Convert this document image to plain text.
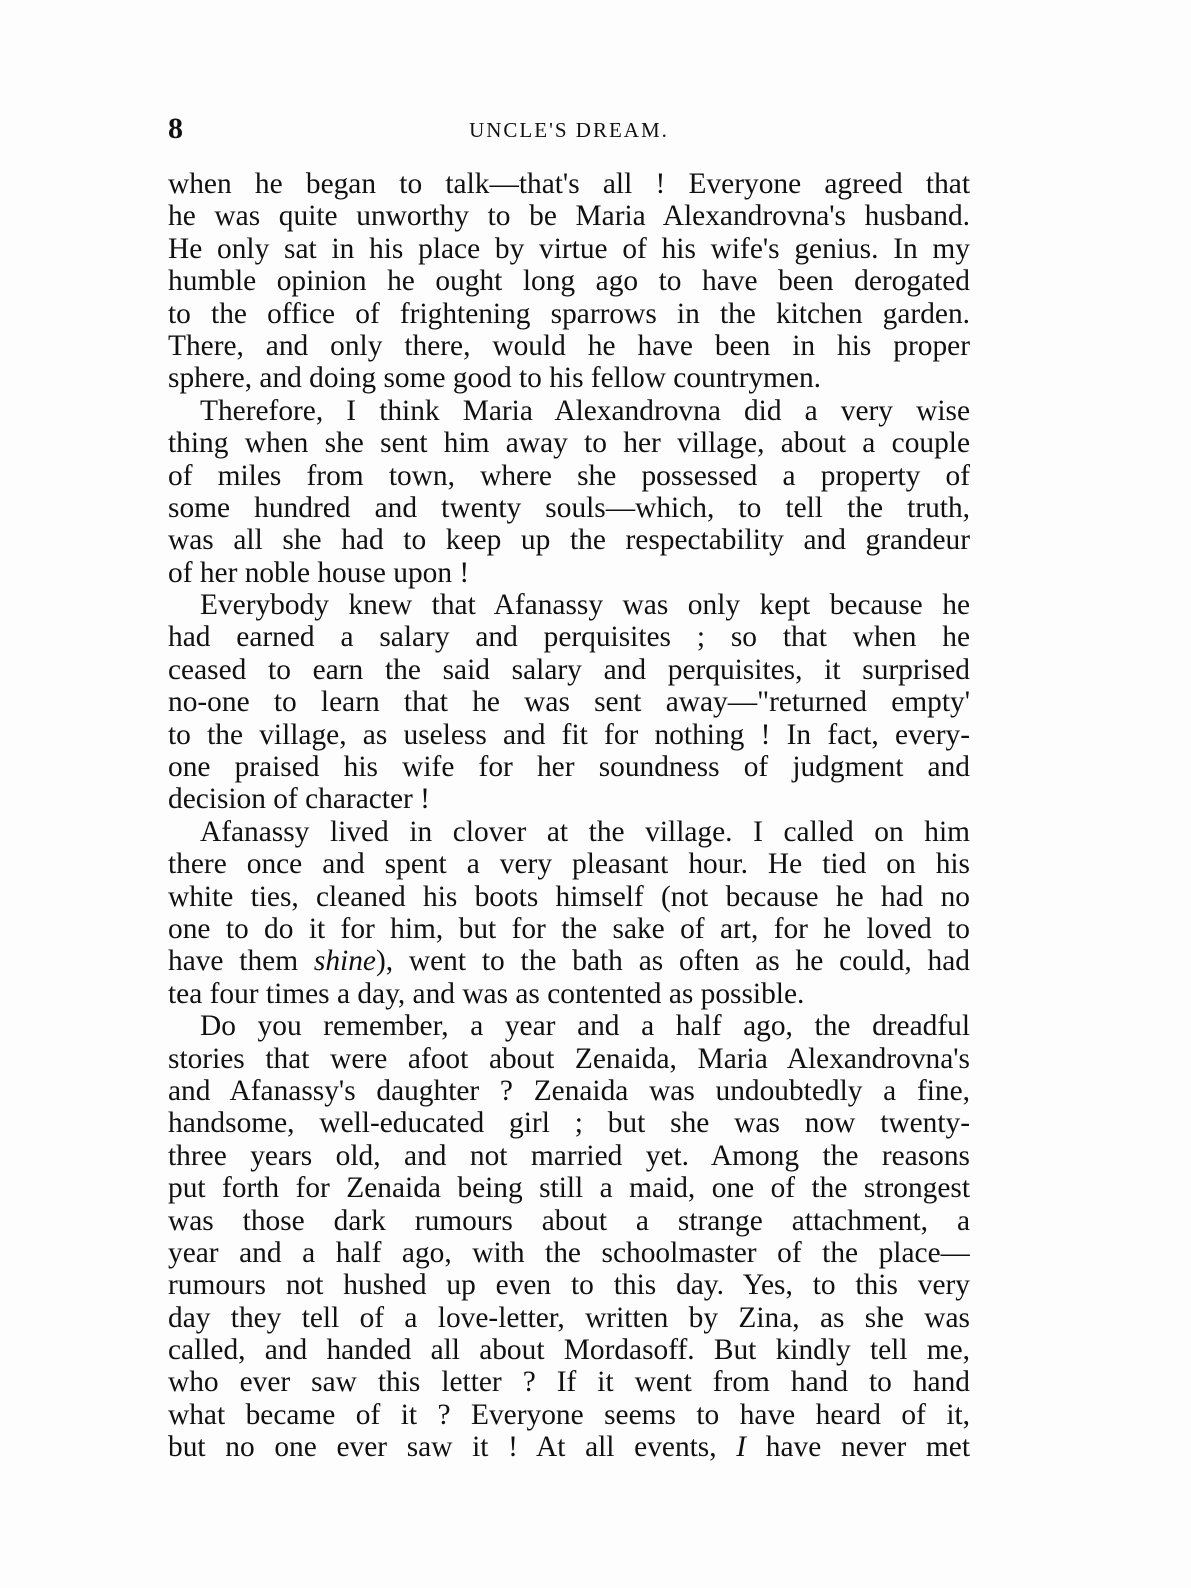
8	UNCLE'S DREAM.
when he began to talk—that's all ! Everyone agreed that
he was quite unworthy to be Maria Alexandrovna's husband.
He only sat in his place by virtue of his wife's genius. In my
humble opinion he ought long ago to have been derogated
to the office of frightening sparrows in the kitchen garden.
There, and only there, would he have been in his proper
sphere, and doing some good to his fellow countrymen.
Therefore, I think Maria Alexandrovna did a very wise
thing when she sent him away to her village, about a couple
of miles from town, where she possessed a property of
some hundred and twenty souls—which, to tell the truth,
was all she had to keep up the respectability and grandeur
of her noble house upon !
Everybody knew that Afanassy was only kept because he
had earned a salary and perquisites ; so that when he
ceased to earn the said salary and perquisites, it surprised
no-one to learn that he was sent away—"returned empty'
to the village, as useless and fit for nothing ! In fact, every-
one praised his wife for her soundness of judgment and
decision of character !
Afanassy lived in clover at the village. I called on him
there once and spent a very pleasant hour. He tied on his
white ties, cleaned his boots himself (not because he had no
one to do it for him, but for the sake of art, for he loved to
have them shine), went to the bath as often as he could, had
tea four times a day, and was as contented as possible.
Do you remember, a year and a half ago, the dreadful
stories that were afoot about Zenaida, Maria Alexandrovna's
and Afanassy's daughter ? Zenaida was undoubtedly a fine,
handsome, well-educated girl ; but she was now twenty-
three years old, and not married yet. Among the reasons
put forth for Zenaida being still a maid, one of the strongest
was those dark rumours about a strange attachment, a
year and a half ago, with the schoolmaster of the place—
rumours not hushed up even to this day. Yes, to this very
day they tell of a love-letter, written by Zina, as she was
called, and handed all about Mordasoff. But kindly tell me,
who ever saw this letter ? If it went from hand to hand
what became of it ? Everyone seems to have heard of it,
but no one ever saw it ! At all events, I have never met
